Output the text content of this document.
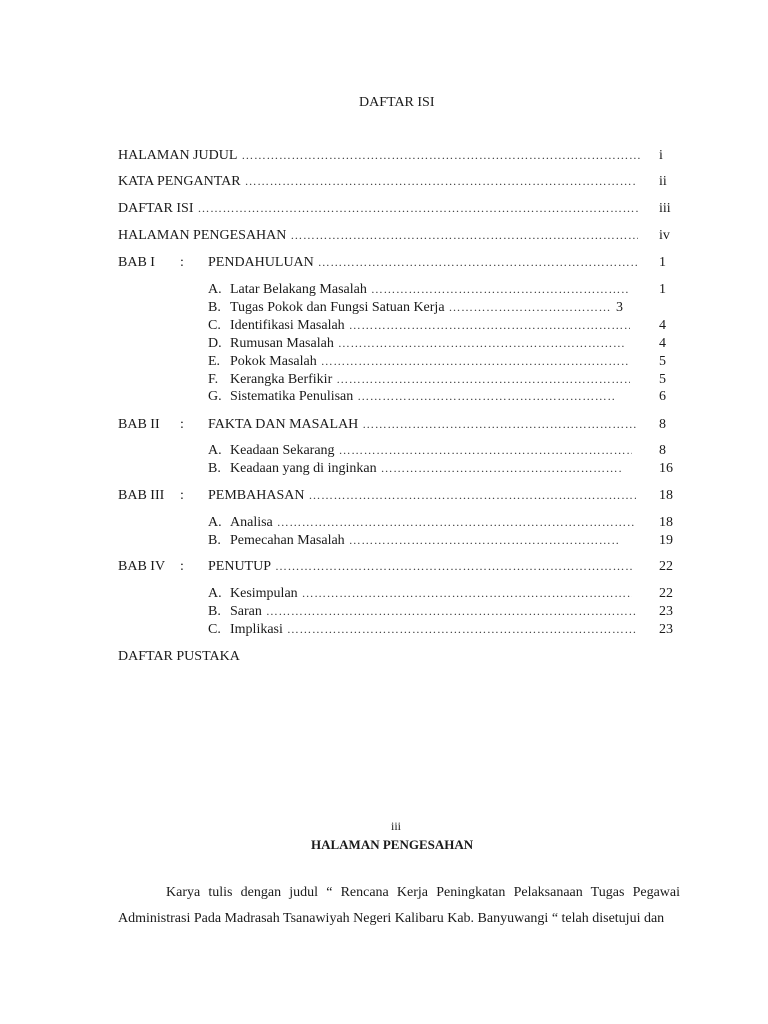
DAFTAR ISI
HALAMAN JUDUL ………………………………………………………………………………………………………………………………………………………………………………………………	i
KATA PENGANTAR ………………………………………………………………………………………………………………………………………………………………………………………………	ii
DAFTAR ISI ………………………………………………………………………………………………………………………………………………………………………………………………	iii
HALAMAN PENGESAHAN ………………………………………………………………………………………………………………………………………………………………………………………………	iv
BAB I : PENDAHULUAN ………………………………………………………………………………………………………………………………………………………………………………………………	1
A. Latar Belakang Masalah ………………………………………………………………………………………………………………………………………………………………………………………………	1
B. Tugas Pokok dan Fungsi Satuan Kerja ………………………………………………………………………………………………………………………………………………………………………………………………	3
C. Identifikasi Masalah ………………………………………………………………………………………………………………………………………………………………………………………………	4
D. Rumusan Masalah ………………………………………………………………………………………………………………………………………………………………………………………………	4
E. Pokok Masalah ………………………………………………………………………………………………………………………………………………………………………………………………	5
F. Kerangka Berfikir ………………………………………………………………………………………………………………………………………………………………………………………………	5
G. Sistematika Penulisan ………………………………………………………………………………………………………………………………………………………………………………………………	6
BAB II : FAKTA DAN MASALAH ………………………………………………………………………………………………………………………………………………………………………………………………	8
A. Keadaan Sekarang ………………………………………………………………………………………………………………………………………………………………………………………………	8
B. Keadaan yang di inginkan ………………………………………………………………………………………………………………………………………………………………………………………………	16
BAB III : PEMBAHASAN ………………………………………………………………………………………………………………………………………………………………………………………………	18
A. Analisa ………………………………………………………………………………………………………………………………………………………………………………………………	18
B. Pemecahan Masalah ………………………………………………………………………………………………………………………………………………………………………………………………	19
BAB IV : PENUTUP ………………………………………………………………………………………………………………………………………………………………………………………………	22
A. Kesimpulan ………………………………………………………………………………………………………………………………………………………………………………………………	22
B. Saran ………………………………………………………………………………………………………………………………………………………………………………………………	23
C. Implikasi ………………………………………………………………………………………………………………………………………………………………………………………………	23
DAFTAR PUSTAKA
iii
HALAMAN PENGESAHAN
Karya tulis dengan judul “ Rencana Kerja Peningkatan Pelaksanaan Tugas Pegawai Administrasi Pada Madrasah Tsanawiyah Negeri Kalibaru Kab. Banyuwangi “ telah disetujui dan
